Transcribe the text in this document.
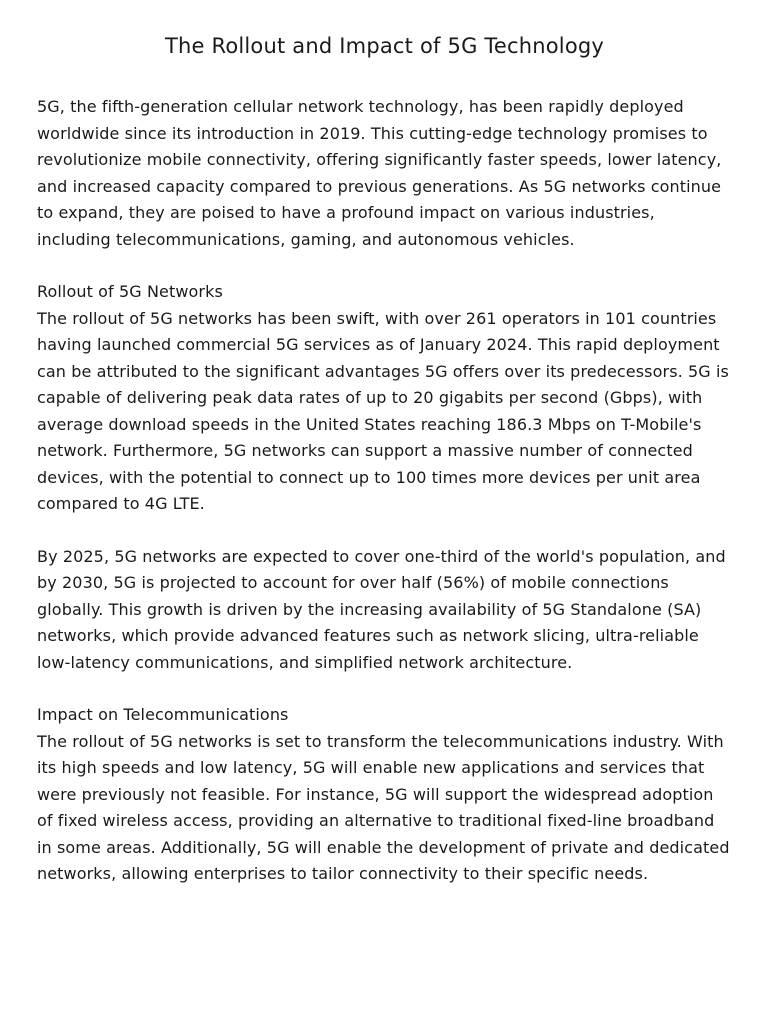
The Rollout and Impact of 5G Technology

5G, the fifth-generation cellular network technology, has been rapidly deployed worldwide since its introduction in 2019. This cutting-edge technology promises to revolutionize mobile connectivity, offering significantly faster speeds, lower latency, and increased capacity compared to previous generations. As 5G networks continue to expand, they are poised to have a profound impact on various industries, including telecommunications, gaming, and autonomous vehicles.

Rollout of 5G Networks

The rollout of 5G networks has been swift, with over 261 operators in 101 countries having launched commercial 5G services as of January 2024. This rapid deployment can be attributed to the significant advantages 5G offers over its predecessors. 5G is capable of delivering peak data rates of up to 20 gigabits per second (Gbps), with average download speeds in the United States reaching 186.3 Mbps on T-Mobile's network. Furthermore, 5G networks can support a massive number of connected devices, with the potential to connect up to 100 times more devices per unit area compared to 4G LTE.

By 2025, 5G networks are expected to cover one-third of the world's population, and by 2030, 5G is projected to account for over half (56%) of mobile connections globally. This growth is driven by the increasing availability of 5G Standalone (SA) networks, which provide advanced features such as network slicing, ultra-reliable low-latency communications, and simplified network architecture.

Impact on Telecommunications

The rollout of 5G networks is set to transform the telecommunications industry. With its high speeds and low latency, 5G will enable new applications and services that were previously not feasible. For instance, 5G will support the widespread adoption of fixed wireless access, providing an alternative to traditional fixed-line broadband in some areas. Additionally, 5G will enable the development of private and dedicated networks, allowing enterprises to tailor connectivity to their specific needs.
